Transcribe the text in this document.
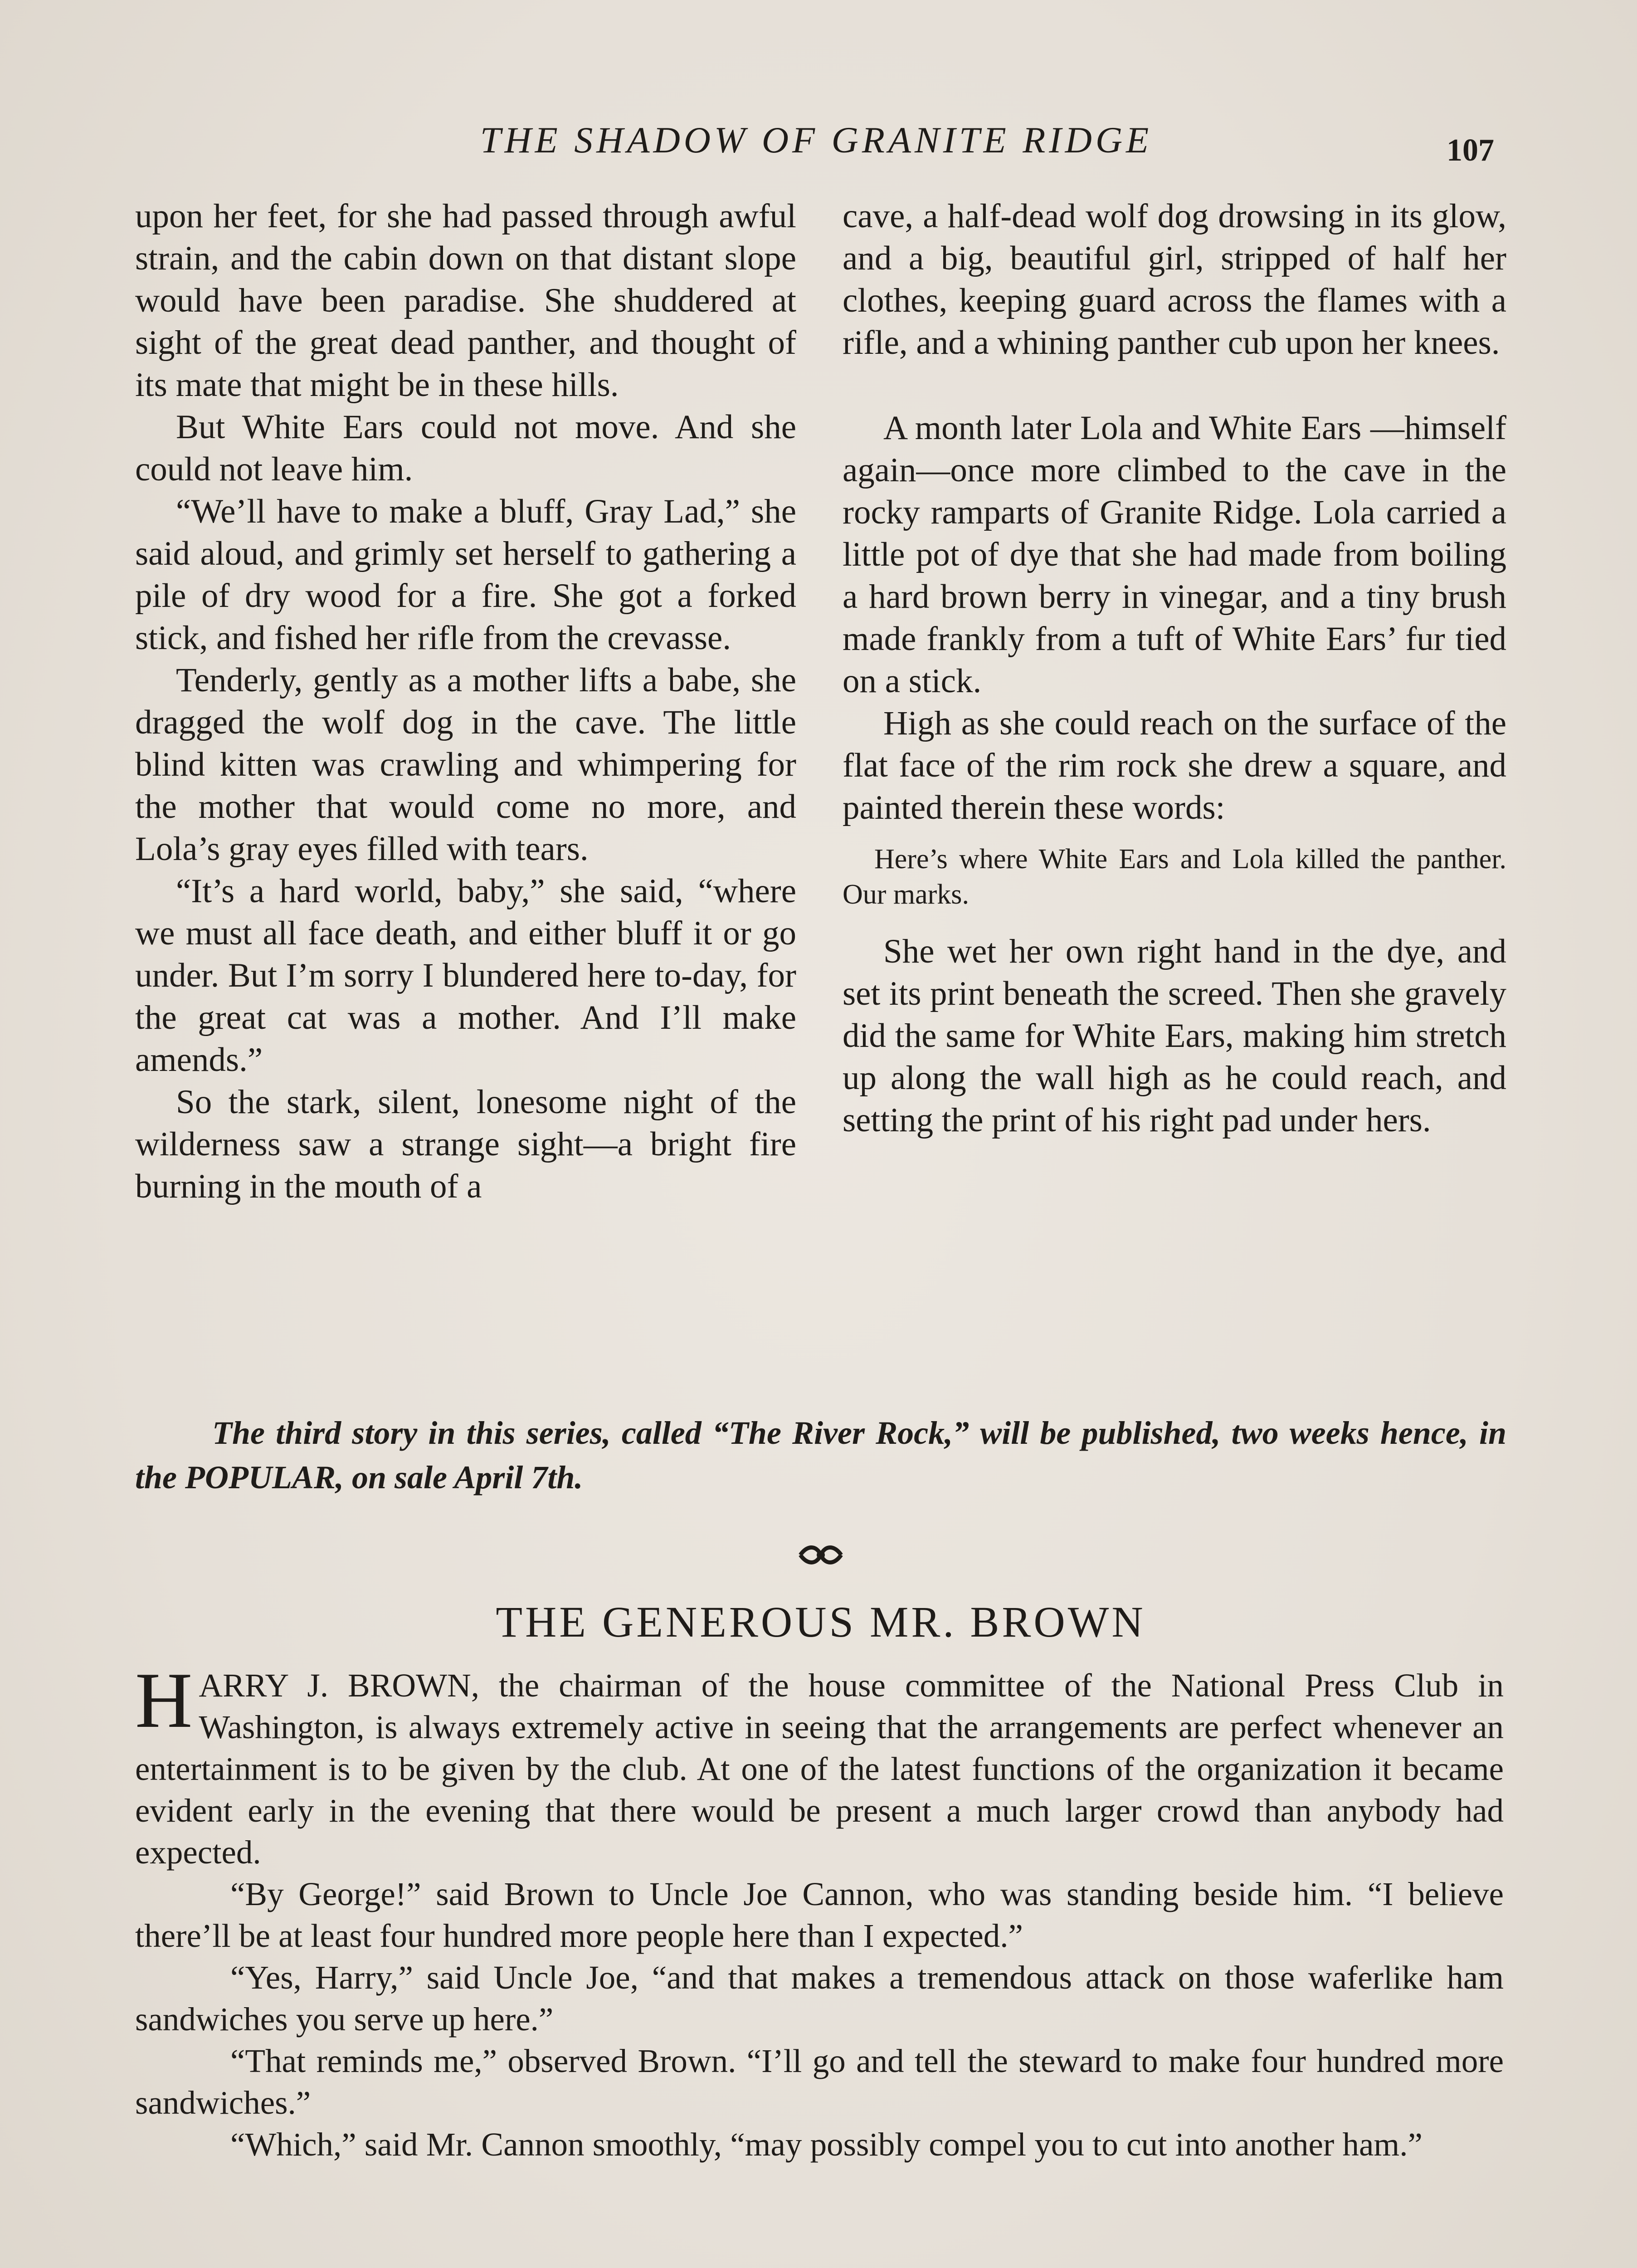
THE SHADOW OF GRANITE RIDGE	107

upon her feet, for she had passed through awful strain, and the cabin down on that distant slope would have been paradise. She shuddered at sight of the great dead panther, and thought of its mate that might be in these hills.

But White Ears could not move. And she could not leave him.

“We’ll have to make a bluff, Gray Lad,” she said aloud, and grimly set herself to gathering a pile of dry wood for a fire. She got a forked stick, and fished her rifle from the crevasse.

Tenderly, gently as a mother lifts a babe, she dragged the wolf dog in the cave. The little blind kitten was crawling and whimpering for the mother that would come no more, and Lola’s gray eyes filled with tears.

“It’s a hard world, baby,” she said, “where we must all face death, and either bluff it or go under. But I’m sorry I blundered here to-day, for the great cat was a mother. And I’ll make amends.”

So the stark, silent, lonesome night of the wilderness saw a strange sight—a bright fire burning in the mouth of a

cave, a half-dead wolf dog drowsing in its glow, and a big, beautiful girl, stripped of half her clothes, keeping guard across the flames with a rifle, and a whining panther cub upon her knees.

A month later Lola and White Ears —himself again—once more climbed to the cave in the rocky ramparts of Granite Ridge. Lola carried a little pot of dye that she had made from boiling a hard brown berry in vinegar, and a tiny brush made frankly from a tuft of White Ears’ fur tied on a stick.

High as she could reach on the surface of the flat face of the rim rock she drew a square, and painted therein these words:

Here’s where White Ears and Lola killed the panther. Our marks.

She wet her own right hand in the dye, and set its print beneath the screed. Then she gravely did the same for White Ears, making him stretch up along the wall high as he could reach, and setting the print of his right pad under hers.

The third story in this series, called “The River Rock,” will be published, two weeks hence, in the POPULAR, on sale April 7th.
THE GENEROUS MR. BROWN

HARRY J. BROWN, the chairman of the house committee of the National Press Club in Washington, is always extremely active in seeing that the arrangements are perfect whenever an entertainment is to be given by the club. At one of the latest functions of the organization it became evident early in the evening that there would be present a much larger crowd than anybody had expected.

“By George!” said Brown to Uncle Joe Cannon, who was standing beside him. “I believe there’ll be at least four hundred more people here than I expected.”

“Yes, Harry,” said Uncle Joe, “and that makes a tremendous attack on those waferlike ham sandwiches you serve up here.”

“That reminds me,” observed Brown. “I’ll go and tell the steward to make four hundred more sandwiches.”

“Which,” said Mr. Cannon smoothly, “may possibly compel you to cut into another ham.”
